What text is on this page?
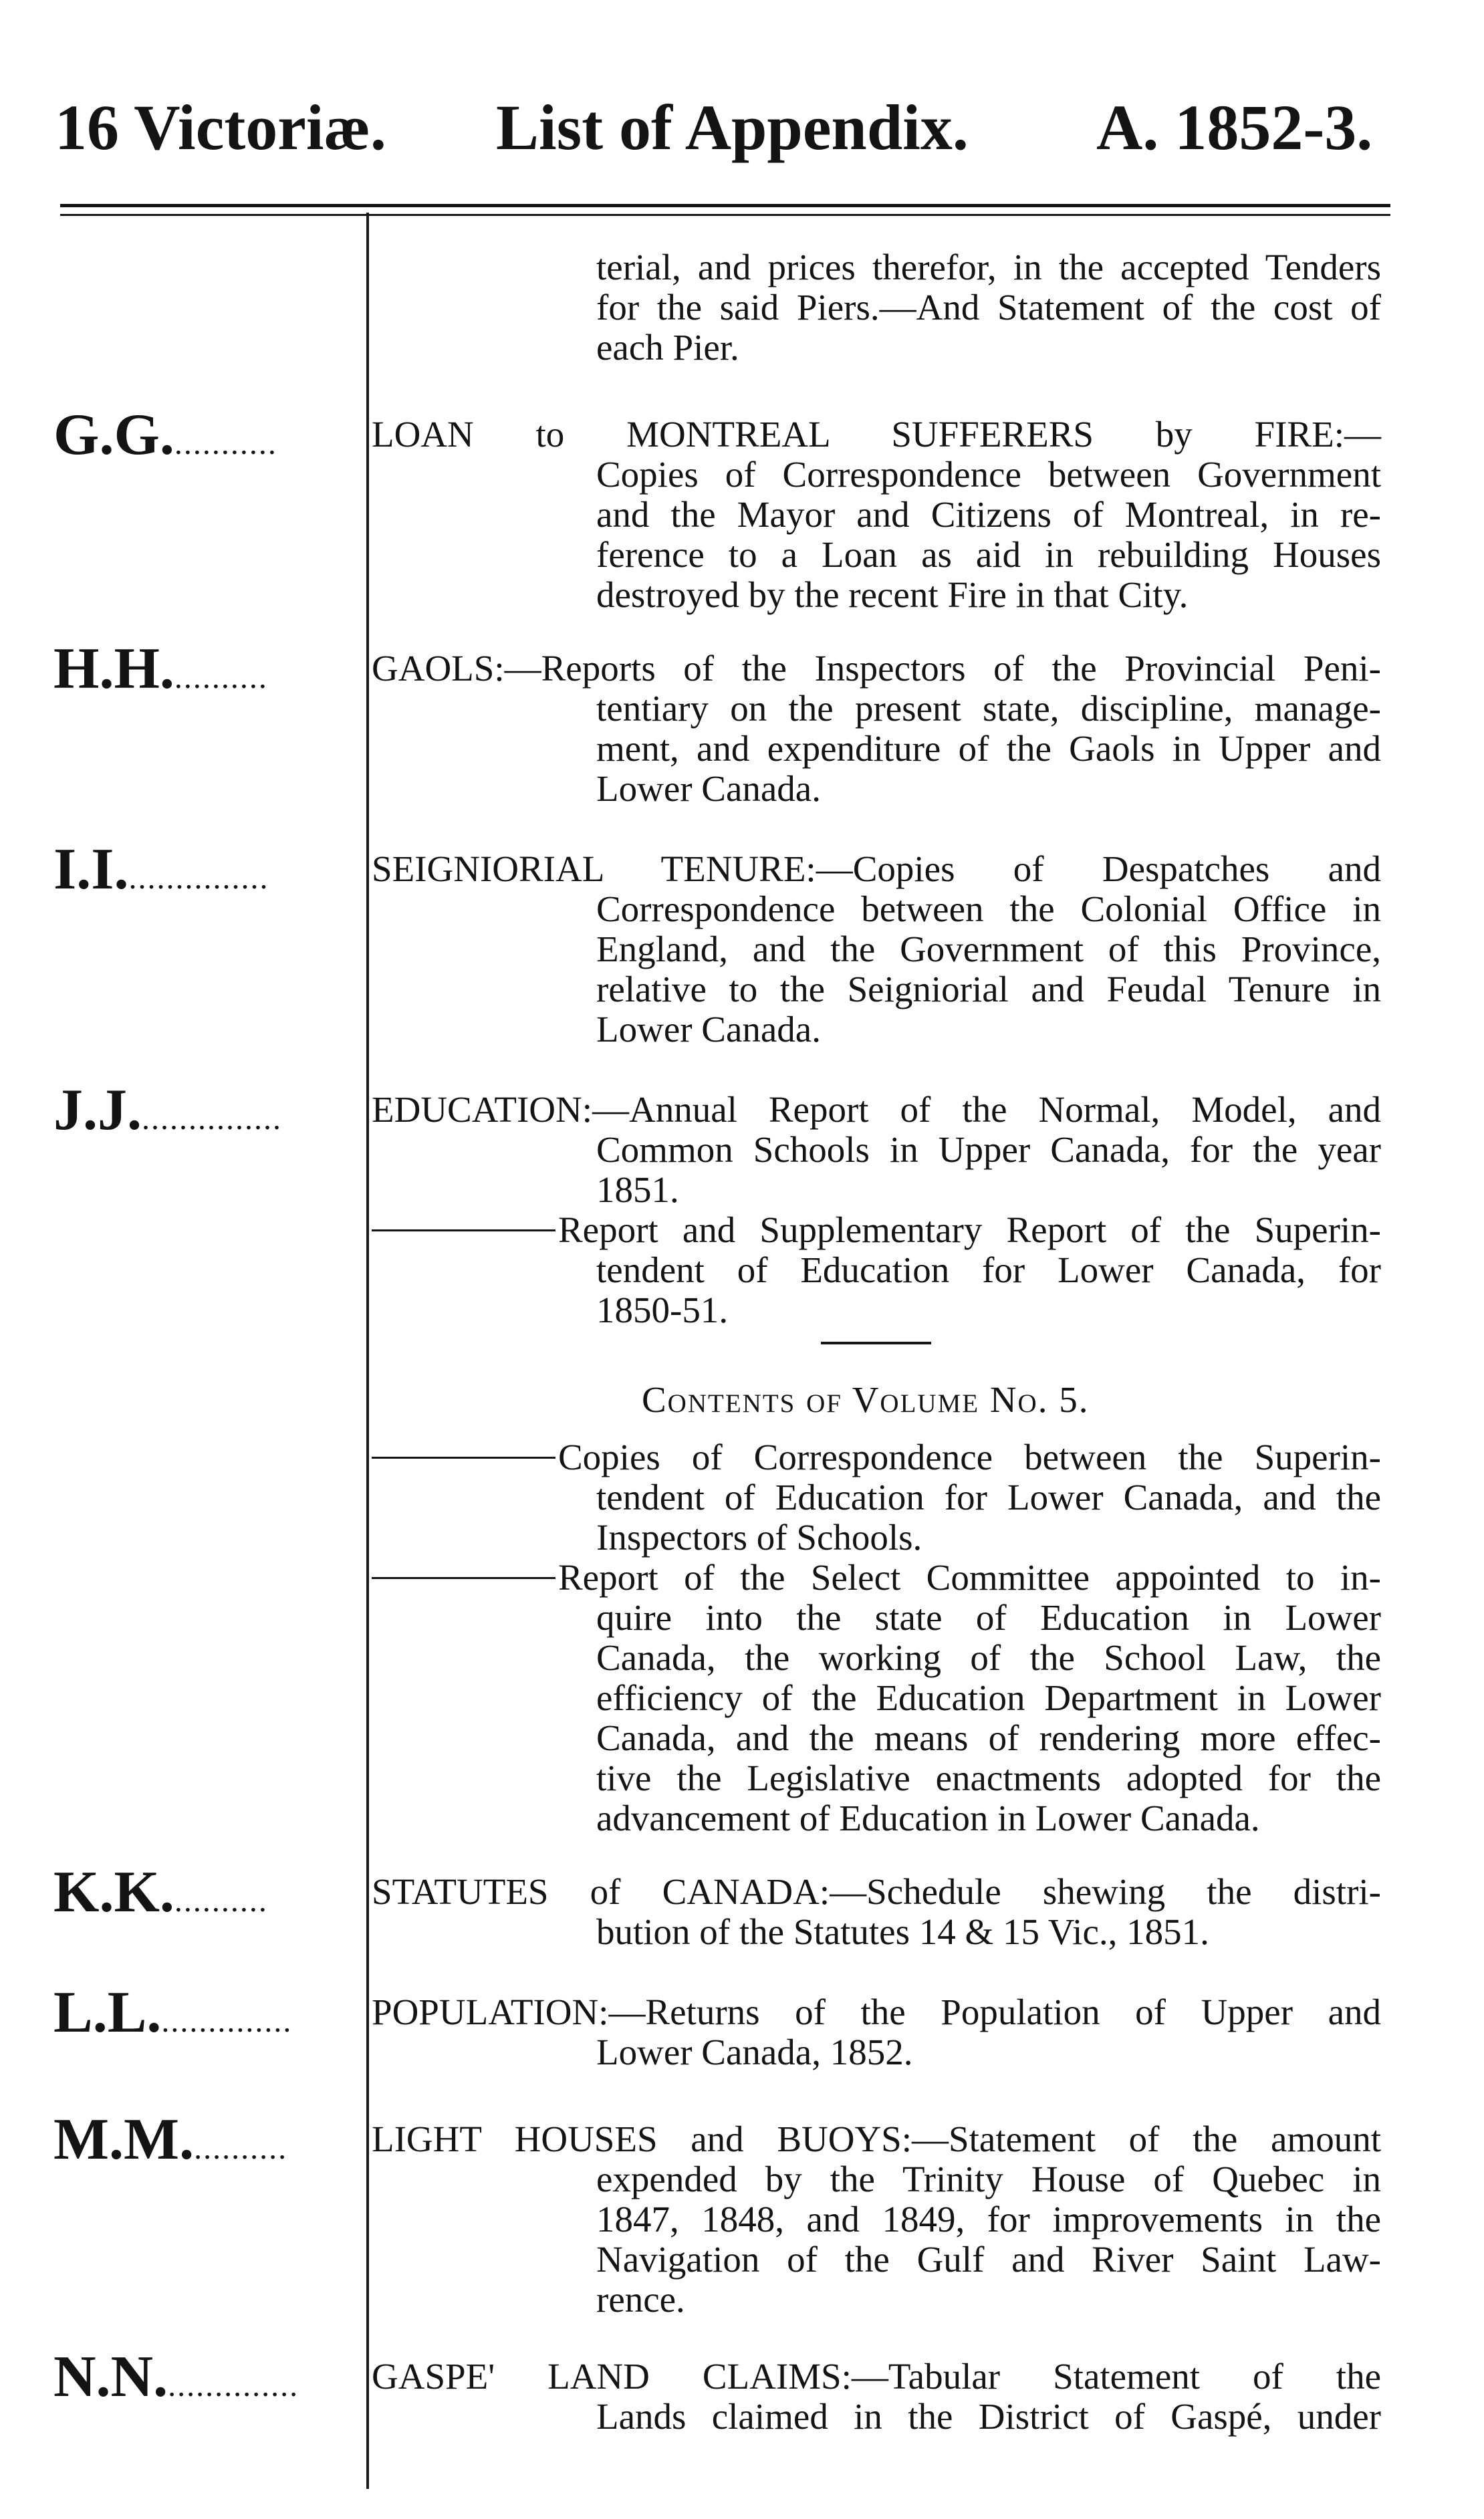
16 Victoriæ. List of Appendix. A. 1852-3.
terial, and prices therefor, in the accepted Tenders
for the said Piers.—And Statement of the cost of
each Pier.
G.G............	LOAN to MONTREAL SUFFERERS by FIRE:—
Copies of Correspondence between Government
and the Mayor and Citizens of Montreal, in re-
ference to a Loan as aid in rebuilding Houses
destroyed by the recent Fire in that City.
H.H...........	GAOLS:—Reports of the Inspectors of the Provincial Peni-
tentiary on the present state, discipline, manage-
ment, and expenditure of the Gaols in Upper and
Lower Canada.
I.I................	SEIGNIORIAL TENURE:—Copies of Despatches and
Correspondence between the Colonial Office in
England, and the Government of this Province,
relative to the Seigniorial and Feudal Tenure in
Lower Canada.
J.J................ EDUCATION:—Annual Report of the Normal, Model, and
Common Schools in Upper Canada, for the year
1851.
Report and Supplementary Report of the Superin-
tendent of Education for Lower Canada, for
1850-51.
Contents of Volume No. 5.
Copies of Correspondence between the Superin-
tendent of Education for Lower Canada, and the
Inspectors of Schools.
Report of the Select Committee appointed to in-
quire into the state of Education in Lower
Canada, the working of the School Law, the
efficiency of the Education Department in Lower
Canada, and the means of rendering more effec-
tive the Legislative enactments adopted for the
advancement of Education in Lower Canada.
K.K...........	STATUTES of CANADA:—Schedule shewing the distri-
bution of the Statutes 14 & 15 Vic., 1851.
L.L............... POPULATION:—Returns of the Population of Upper and
Lower Canada, 1852.
M.M........... LIGHT HOUSES and BUOYS:—Statement of the amount
expended by the Trinity House of Quebec in
1847, 1848, and 1849, for improvements in the
Navigation of the Gulf and River Saint Law-
rence.
N.N............... GASPE' LAND CLAIMS:—Tabular Statement of the
Lands claimed in the District of Gaspé, under
